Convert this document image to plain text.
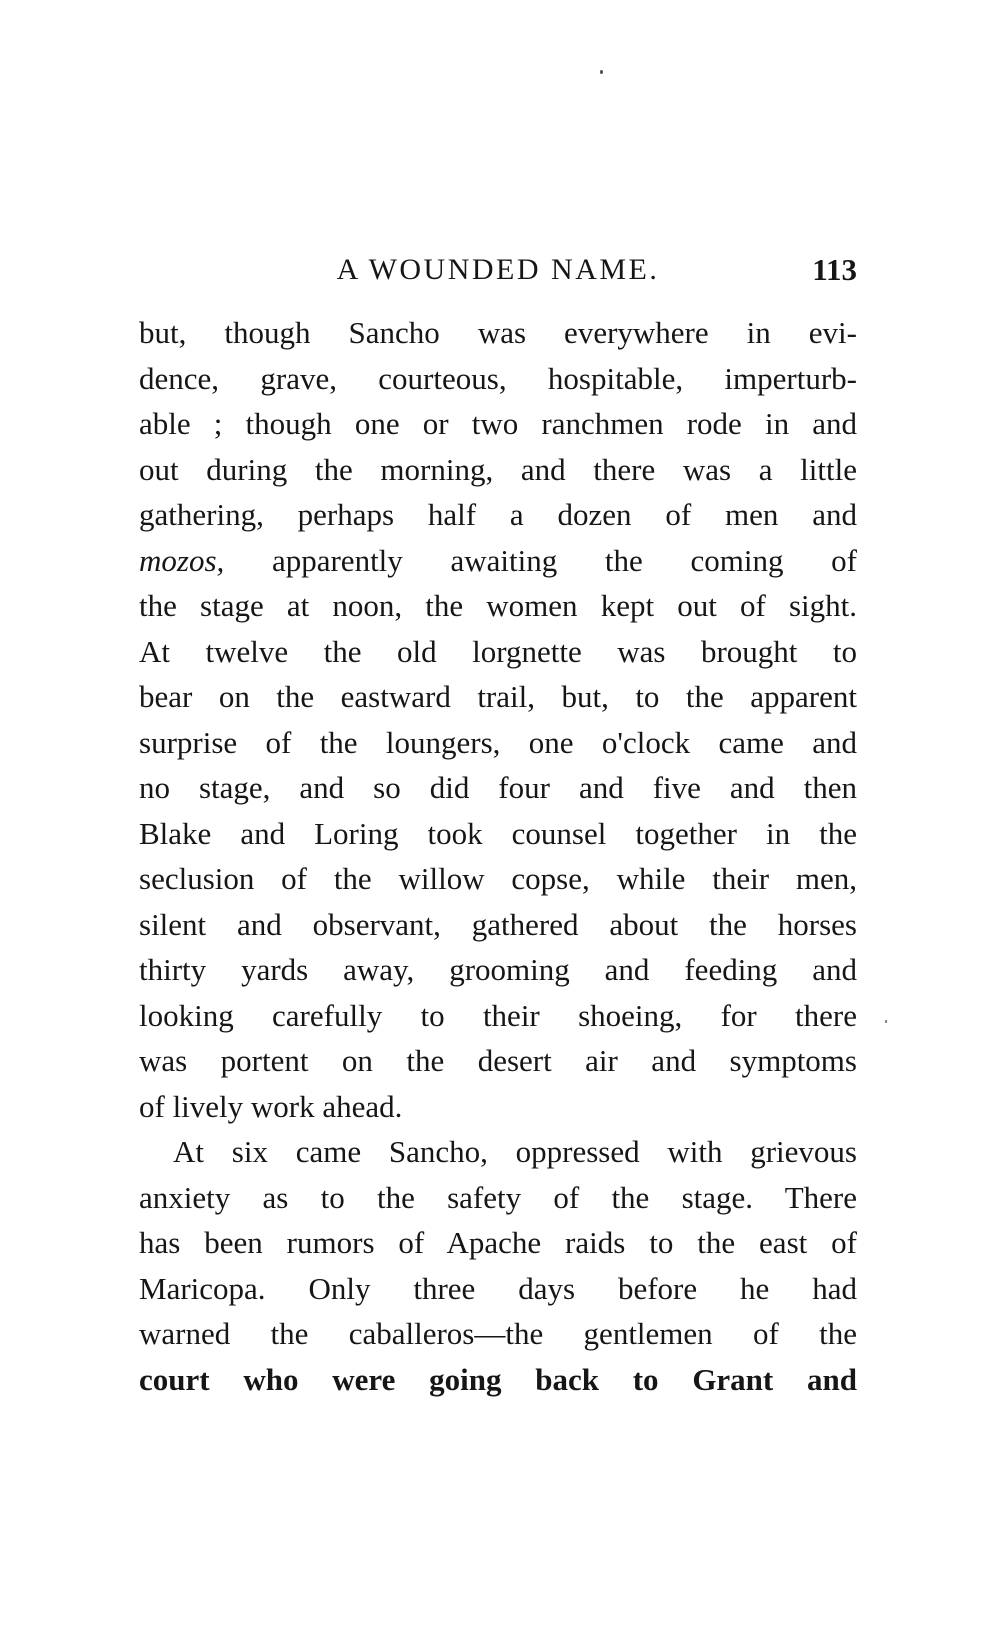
A WOUNDED NAME.	113
but, though Sancho was everywhere in evi-
dence, grave, courteous, hospitable, imperturb-
able ; though one or two ranchmen rode in and
out during the morning, and there was a little
gathering, perhaps half a dozen of men and
mozos, apparently awaiting the coming of
the stage at noon, the women kept out of sight.
At twelve the old lorgnette was brought to
bear on the eastward trail, but, to the apparent
surprise of the loungers, one o'clock came and
no stage, and so did four and five and then
Blake and Loring took counsel together in the
seclusion of the willow copse, while their men,
silent and observant, gathered about the horses
thirty yards away, grooming and feeding and
looking carefully to their shoeing, for there
was portent on the desert air and symptoms
of lively work ahead.
At six came Sancho, oppressed with grievous
anxiety as to the safety of the stage. There
has been rumors of Apache raids to the east of
Maricopa. Only three days before he had
warned the caballeros—the gentlemen of the
court who were going back to Grant and
